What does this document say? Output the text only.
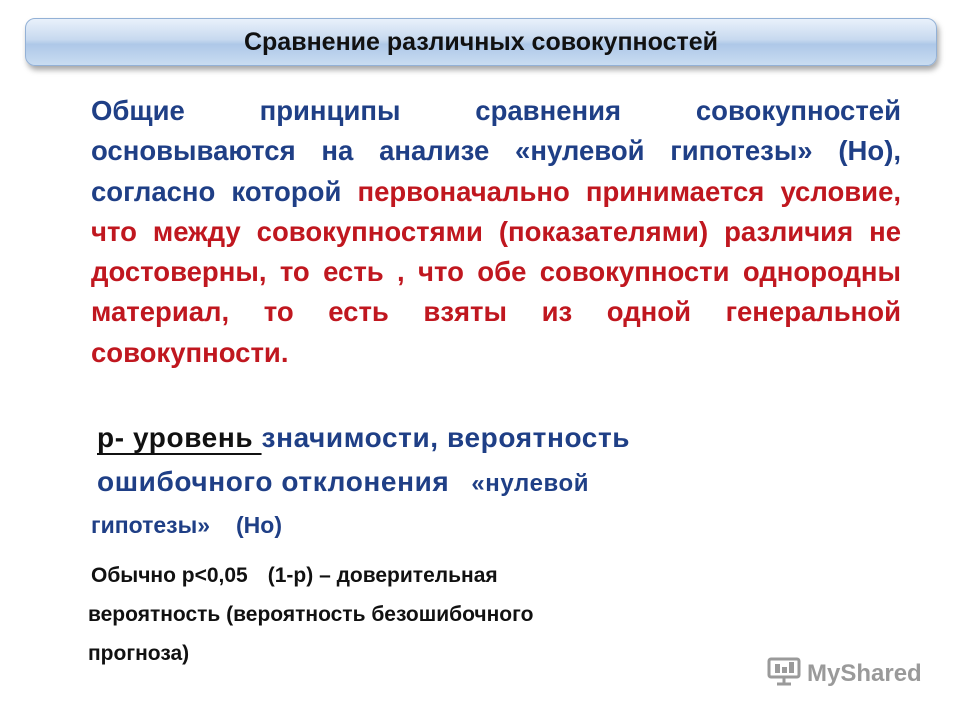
Сравнение различных совокупностей
Общие принципы сравнения совокупностей основываются на анализе «нулевой гипотезы» (Но), согласно которой первоначально принимается условие, что между совокупностями (показателями) различия не достоверны, то есть , что обе совокупности однородны материал, то есть взяты из одной генеральной совокупности.
р- уровень значимости, вероятность
ошибочного отклонения «нулевой
гипотезы» (Но)
Обычно р<0,05 (1-р) – доверительная
вероятность (вероятность безошибочного
прогноза)
MyShared
